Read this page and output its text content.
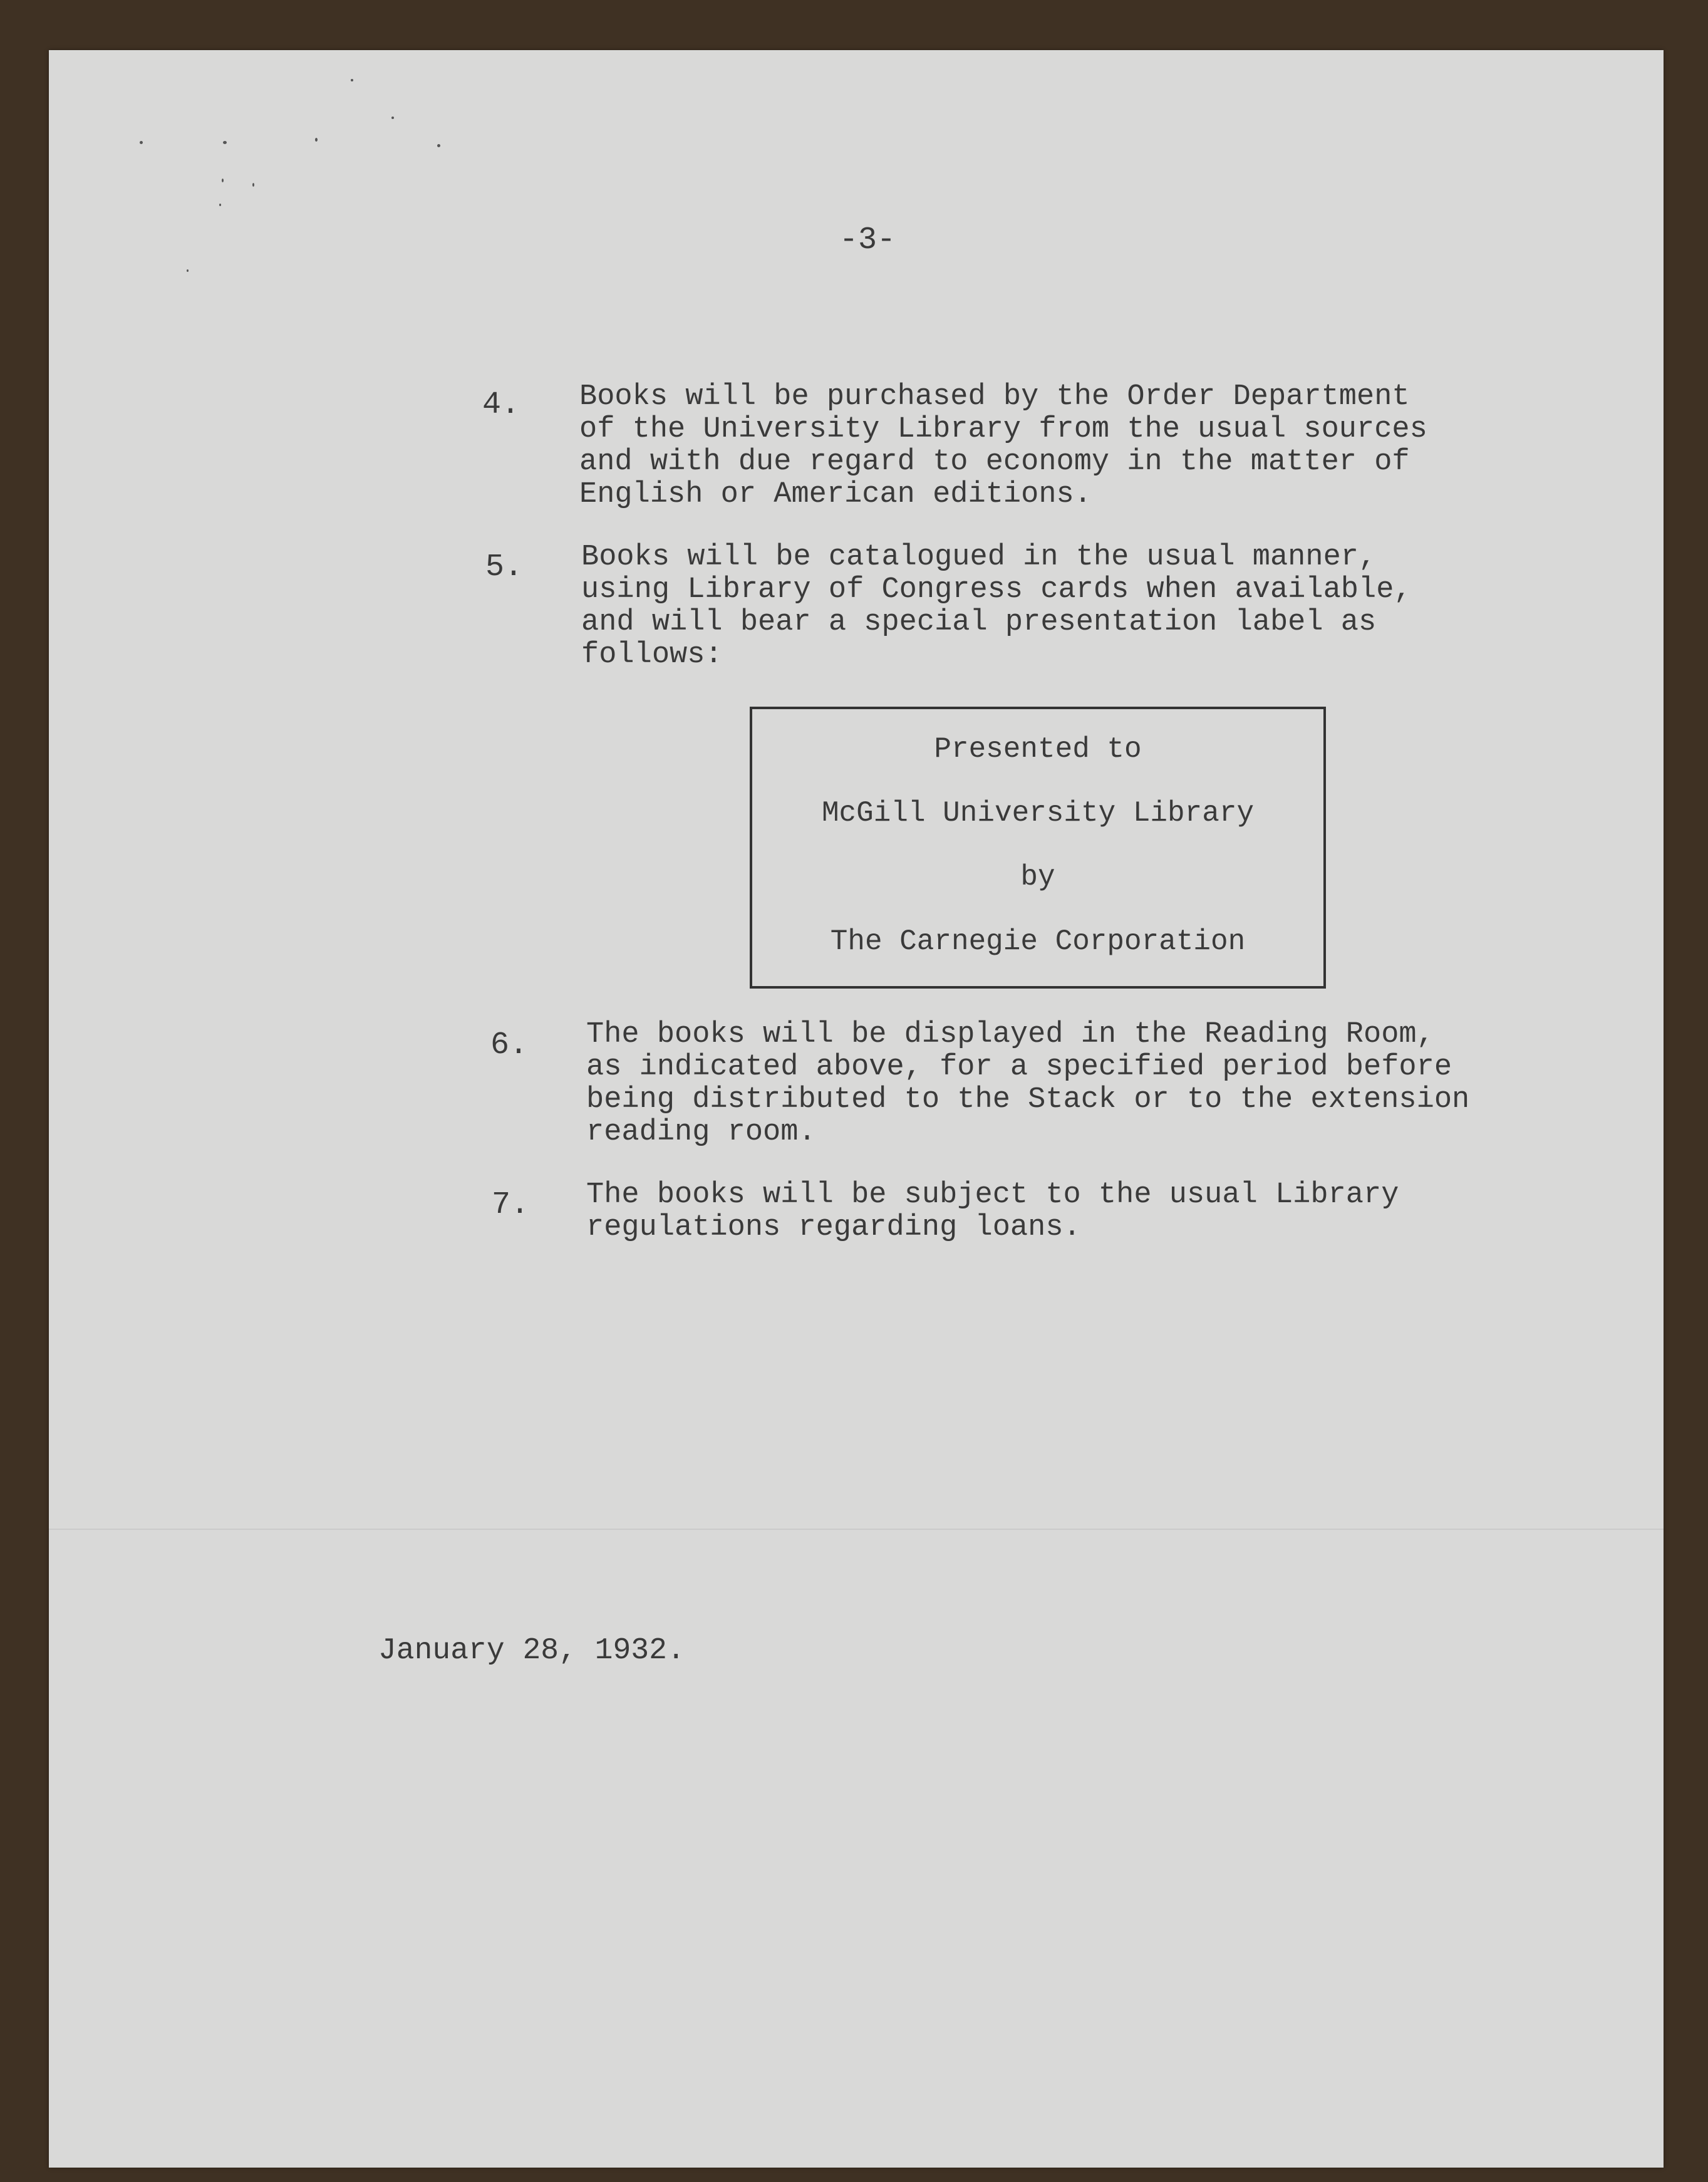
-3-
4. Books will be purchased by the Order Department
of the University Library from the usual sources
and with due regard to economy in the matter of
English or American editions.
5. Books will be catalogued in the usual manner,
using Library of Congress cards when available,
and will bear a special presentation label as
follows:
Presented to
McGill University Library
by
The Carnegie Corporation
6. The books will be displayed in the Reading Room,
as indicated above, for a specified period before
being distributed to the Stack or to the extension
reading room.
7. The books will be subject to the usual Library
regulations regarding loans.
January 28, 1932.
